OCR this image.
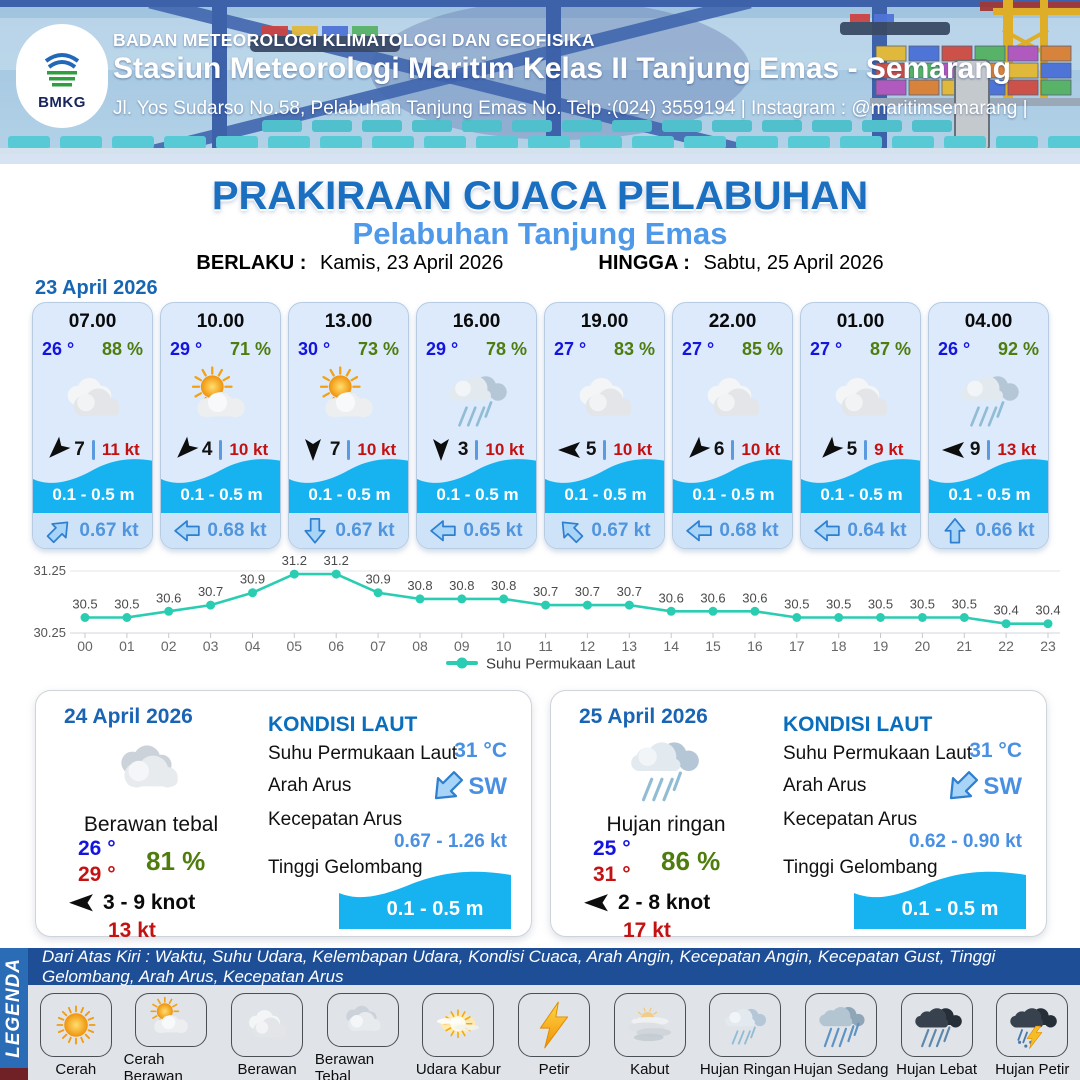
BMKG
BADAN METEOROLOGI KLIMATOLOGI DAN GEOFISIKA
Stasiun Meteorologi Maritim Kelas II Tanjung Emas - Semarang
Jl. Yos Sudarso No.58, Pelabuhan Tanjung Emas No. Telp :(024) 3559194 | Instagram : @maritimsemarang |
PRAKIRAAN CUACA PELABUHAN
Pelabuhan Tanjung Emas
BERLAKU : Kamis, 23 April 2026	HINGGA : Sabtu, 25 April 2026
23 April 2026
07.00
26 ° 88 %
7 11 kt
0.1 - 0.5 m
0.67 kt
10.00
29 ° 71 %
4 10 kt
0.1 - 0.5 m
0.68 kt
13.00
30 ° 73 %
7 10 kt
0.1 - 0.5 m
0.67 kt
16.00
29 ° 78 %
3 10 kt
0.1 - 0.5 m
0.65 kt
19.00
27 ° 83 %
5 10 kt
0.1 - 0.5 m
0.67 kt
22.00
27 ° 85 %
6 10 kt
0.1 - 0.5 m
0.68 kt
01.00
27 ° 87 %
5 9 kt
0.1 - 0.5 m
0.64 kt
04.00
26 ° 92 %
9 13 kt
0.1 - 0.5 m
0.66 kt
31.25
30.25
30.5
00
30.5
01
30.6
02
30.7
03
30.9
04
31.2
05
31.2
06
30.9
07
30.8
08
30.8
09
30.8
10
30.7
11
30.7
12
30.7
13
30.6
14
30.6
15
30.6
16
30.5
17
30.5
18
30.5
19
30.5
20
30.5
21
30.4
22
30.4
23
Suhu Permukaan Laut
24 April 2026
Berawan tebal
26 °
29 ° 81 %
3 - 9 knot
13 kt
KONDISI LAUT
Suhu Permukaan Laut
31 °C
Arah Arus	SW
Kecepatan Arus
0.67 - 1.26 kt
Tinggi Gelombang
0.1 - 0.5 m
25 April 2026
Hujan ringan
25 °
31 ° 86 %
2 - 8 knot
17 kt
KONDISI LAUT
Suhu Permukaan Laut
31 °C
Arah Arus	SW
Kecepatan Arus
0.62 - 0.90 kt
Tinggi Gelombang
0.1 - 0.5 m
Dari Atas Kiri : Waktu, Suhu Udara, Kelembapan Udara, Kondisi Cuaca, Arah Angin, Kecepatan Angin, Kecepatan Gust, Tinggi Gelombang, Arah Arus, Kecepatan Arus
Cerah
Cerah Berawan	Berawan
Berawan Tebal	Udara Kabur	Petir	Kabut Hujan Ringan Hujan Sedang Hujan Lebat Hujan Petir
LEGENDA
